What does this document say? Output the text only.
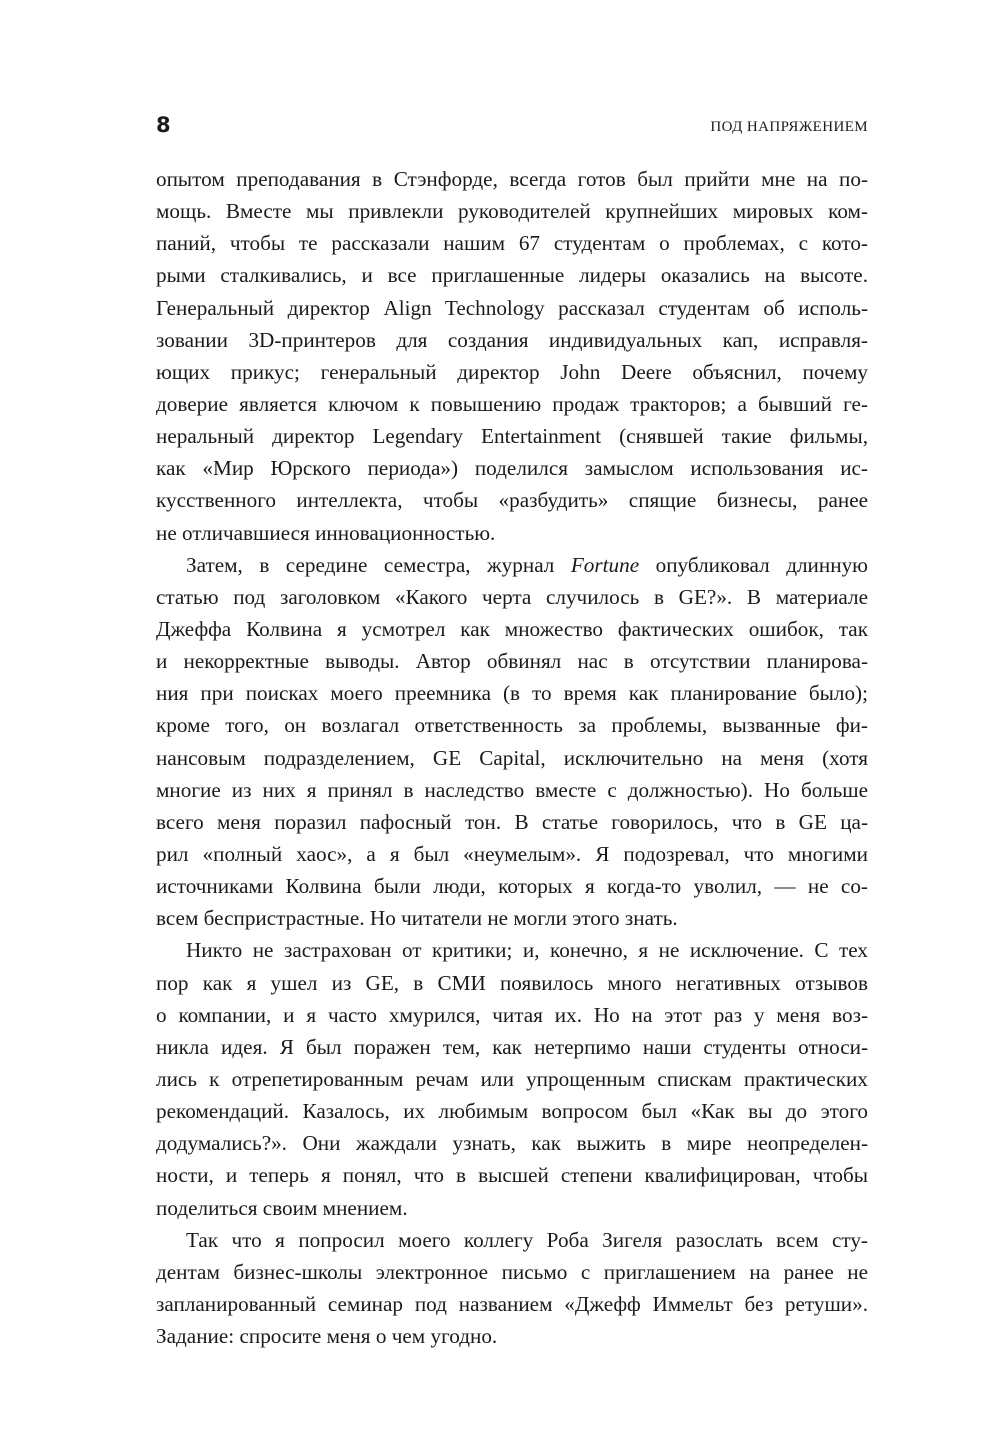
8	ПОД НАПРЯЖЕНИЕМ
опытом преподавания в Стэнфорде, всегда готов был прийти мне на по-
мощь. Вместе мы привлекли руководителей крупнейших мировых ком-
паний, чтобы те рассказали нашим 67 студентам о проблемах, с кото-
рыми сталкивались, и все приглашенные лидеры оказались на высоте.
Генеральный директор Align Technology рассказал студентам об исполь-
зовании 3D-принтеров для создания индивидуальных кап, исправля-
ющих прикус; генеральный директор John Deere объяснил, почему
доверие является ключом к повышению продаж тракторов; а бывший ге-
неральный директор Legendary Entertainment (снявшей такие фильмы,
как «Мир Юрского периода») поделился замыслом использования ис-
кусственного интеллекта, чтобы «разбудить» спящие бизнесы, ранее
не отличавшиеся инновационностью.
Затем, в середине семестра, журнал Fortune опубликовал длинную
статью под заголовком «Какого черта случилось в GE?». В материале
Джеффа Колвина я усмотрел как множество фактических ошибок, так
и некорректные выводы. Автор обвинял нас в отсутствии планирова-
ния при поисках моего преемника (в то время как планирование было);
кроме того, он возлагал ответственность за проблемы, вызванные фи-
нансовым подразделением, GE Capital, исключительно на меня (хотя
многие из них я принял в наследство вместе с должностью). Но больше
всего меня поразил пафосный тон. В статье говорилось, что в GE ца-
рил «полный хаос», а я был «неумелым». Я подозревал, что многими
источниками Колвина были люди, которых я когда-то уволил, — не со-
всем беспристрастные. Но читатели не могли этого знать.
Никто не застрахован от критики; и, конечно, я не исключение. С тех
пор как я ушел из GE, в СМИ появилось много негативных отзывов
о компании, и я часто хмурился, читая их. Но на этот раз у меня воз-
никла идея. Я был поражен тем, как нетерпимо наши студенты относи-
лись к отрепетированным речам или упрощенным спискам практических
рекомендаций. Казалось, их любимым вопросом был «Как вы до этого
додумались?». Они жаждали узнать, как выжить в мире неопределен-
ности, и теперь я понял, что в высшей степени квалифицирован, чтобы
поделиться своим мнением.
Так что я попросил моего коллегу Роба Зигеля разослать всем сту-
дентам бизнес-школы электронное письмо с приглашением на ранее не
запланированный семинар под названием «Джефф Иммельт без ретуши».
Задание: спросите меня о чем угодно.
